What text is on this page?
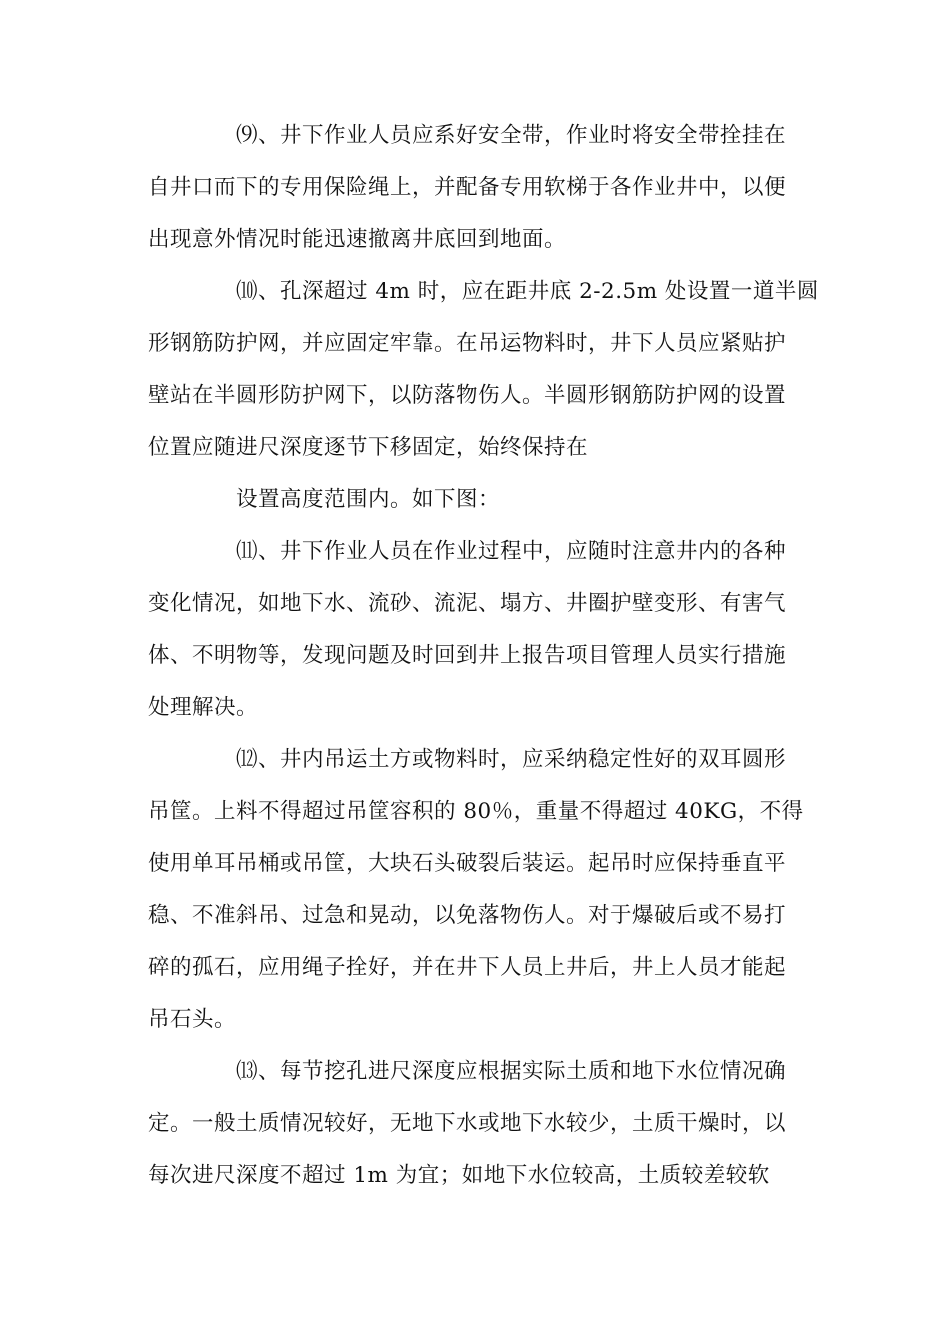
⑼、井下作业人员应系好安全带，作业时将安全带拴挂在
自井口而下的专用保险绳上，并配备专用软梯于各作业井中，以便
出现意外情况时能迅速撤离井底回到地面。
⑽、孔深超过 4m 时，应在距井底 2-2.5m 处设置一道半圆
形钢筋防护网，并应固定牢靠。在吊运物料时，井下人员应紧贴护
壁站在半圆形防护网下，以防落物伤人。半圆形钢筋防护网的设置
位置应随进尺深度逐节下移固定，始终保持在
设置高度范围内。如下图：
⑾、井下作业人员在作业过程中，应随时注意井内的各种
变化情况，如地下水、流砂、流泥、塌方、井圈护壁变形、有害气
体、不明物等，发现问题及时回到井上报告项目管理人员实行措施
处理解决。
⑿、井内吊运土方或物料时，应采纳稳定性好的双耳圆形
吊筐。上料不得超过吊筐容积的 80％，重量不得超过 40KG，不得
使用单耳吊桶或吊筐，大块石头破裂后装运。起吊时应保持垂直平
稳、不准斜吊、过急和晃动，以免落物伤人。对于爆破后或不易打
碎的孤石，应用绳子拴好，并在井下人员上井后，井上人员才能起
吊石头。
⒀、每节挖孔进尺深度应根据实际土质和地下水位情况确
定。一般土质情况较好，无地下水或地下水较少，土质干燥时，以
每次进尺深度不超过 1m 为宜；如地下水位较高，土质较差较软
